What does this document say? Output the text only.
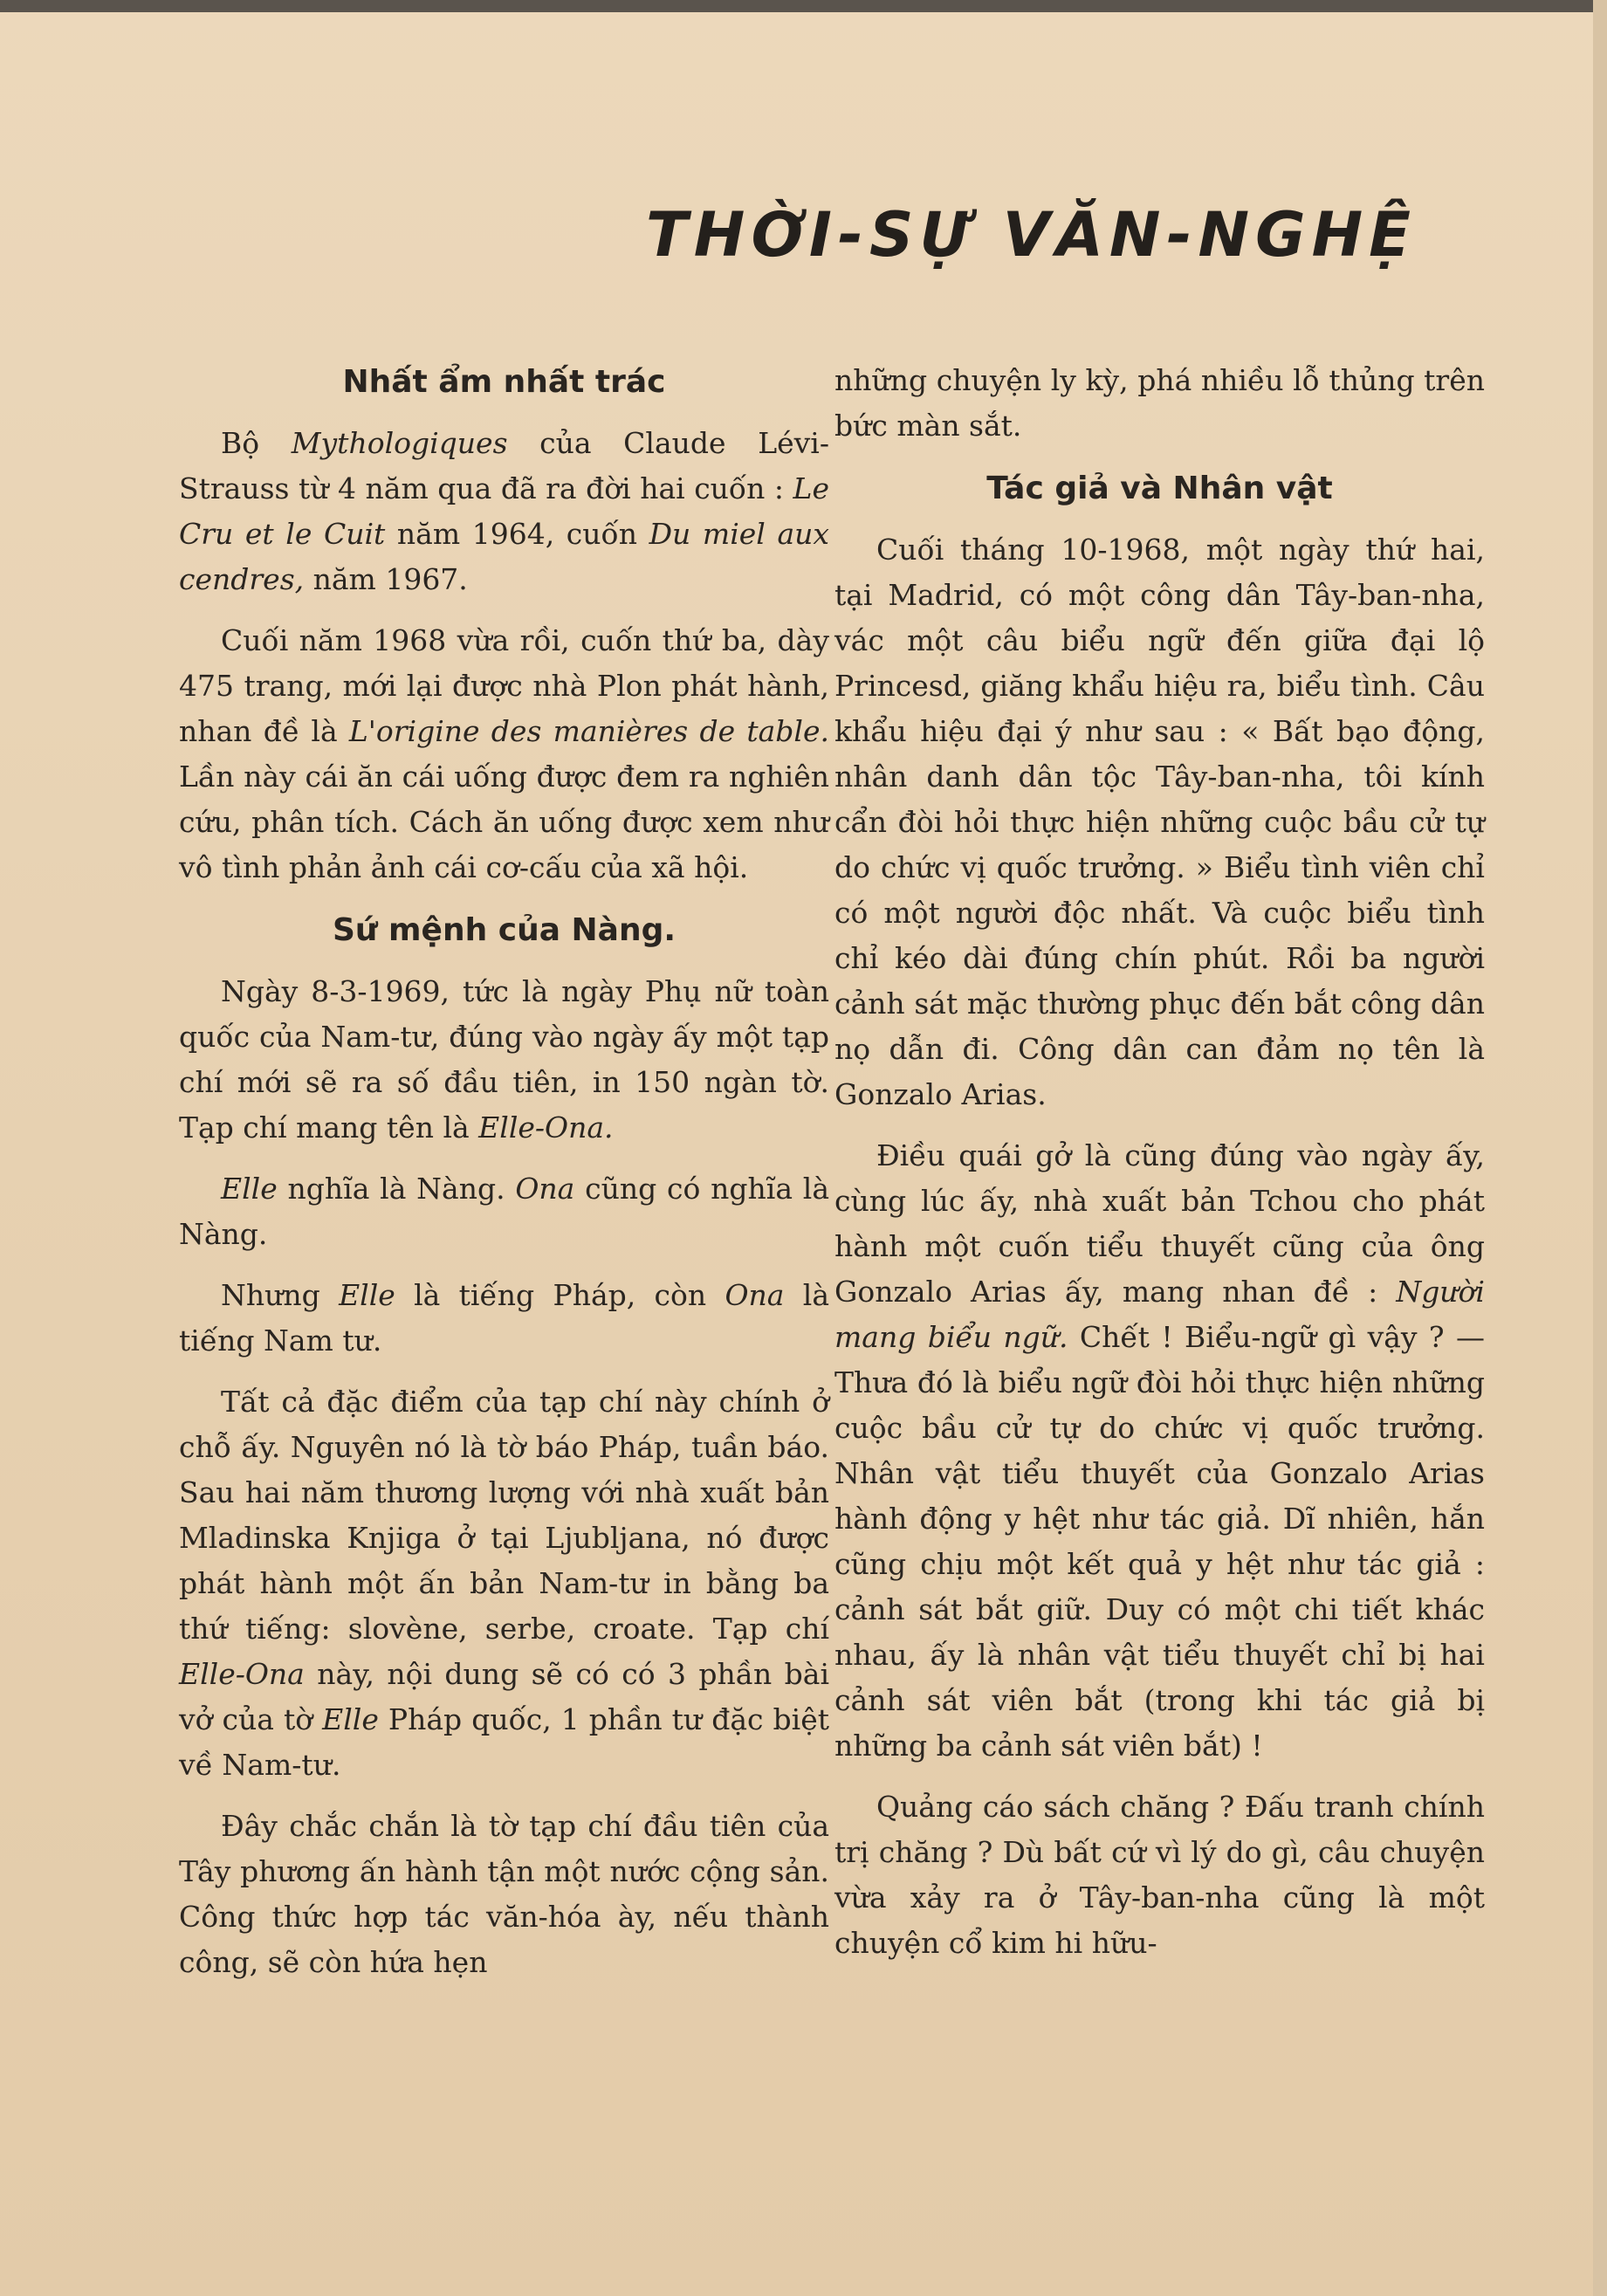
THỜI-SỰ VĂN-NGHỆ
Nhất ẩm nhất trác

Bộ Mythologiques của Claude Lévi-Strauss từ 4 năm qua đã ra đời hai cuốn : Le Cru et le Cuit năm 1964, cuốn Du miel aux cendres, năm 1967.

Cuối năm 1968 vừa rồi, cuốn thứ ba, dày 475 trang, mới lại được nhà Plon phát hành, nhan đề là L'origine des manières de table. Lần này cái ăn cái uống được đem ra nghiên cứu, phân tích. Cách ăn uống được xem như vô tình phản ảnh cái cơ-cấu của xã hội.

Sứ mệnh của Nàng.

Ngày 8-3-1969, tức là ngày Phụ nữ toàn quốc của Nam-tư, đúng vào ngày ấy một tạp chí mới sẽ ra số đầu tiên, in 150 ngàn tờ. Tạp chí mang tên là Elle-Ona.

Elle nghĩa là Nàng. Ona cũng có nghĩa là Nàng.

Nhưng Elle là tiếng Pháp, còn Ona là tiếng Nam tư.

Tất cả đặc điểm của tạp chí này chính ở chỗ ấy. Nguyên nó là tờ báo Pháp, tuần báo. Sau hai năm thương lượng với nhà xuất bản Mladinska Knjiga ở tại Ljubljana, nó được phát hành một ấn bản Nam-tư in bằng ba thứ tiếng: slovène, serbe, croate. Tạp chí Elle-Ona này, nội dung sẽ có có 3 phần bài vở của tờ Elle Pháp quốc, 1 phần tư đặc biệt về Nam-tư.

Đây chắc chắn là tờ tạp chí đầu tiên của Tây phương ấn hành tận một nước cộng sản. Công thức hợp tác văn-hóa ày, nếu thành công, sẽ còn hứa hẹn

những chuyện ly kỳ, phá nhiều lỗ thủng trên bức màn sắt.

Tác giả và Nhân vật

Cuối tháng 10-1968, một ngày thứ hai, tại Madrid, có một công dân Tây-ban-nha, vác một câu biểu ngữ đến giữa đại lộ Princesd, giăng khẩu hiệu ra, biểu tình. Câu khẩu hiệu đại ý như sau : « Bất bạo động, nhân danh dân tộc Tây-ban-nha, tôi kính cẩn đòi hỏi thực hiện những cuộc bầu cử tự do chức vị quốc trưởng. » Biểu tình viên chỉ có một người độc nhất. Và cuộc biểu tình chỉ kéo dài đúng chín phút. Rồi ba người cảnh sát mặc thường phục đến bắt công dân nọ dẫn đi. Công dân can đảm nọ tên là Gonzalo Arias.

Điều quái gở là cũng đúng vào ngày ấy, cùng lúc ấy, nhà xuất bản Tchou cho phát hành một cuốn tiểu thuyết cũng của ông Gonzalo Arias ấy, mang nhan đề : Người mang biểu ngữ. Chết ! Biểu-ngữ gì vậy ? — Thưa đó là biểu ngữ đòi hỏi thực hiện những cuộc bầu cử tự do chức vị quốc trưởng. Nhân vật tiểu thuyết của Gonzalo Arias hành động y hệt như tác giả. Dĩ nhiên, hắn cũng chịu một kết quả y hệt như tác giả : cảnh sát bắt giữ. Duy có một chi tiết khác nhau, ấy là nhân vật tiểu thuyết chỉ bị hai cảnh sát viên bắt (trong khi tác giả bị những ba cảnh sát viên bắt) !

Quảng cáo sách chăng ? Đấu tranh chính trị chăng ? Dù bất cứ vì lý do gì, câu chuyện vừa xảy ra ở Tây-ban-nha cũng là một chuyện cổ kim hi hữu-
